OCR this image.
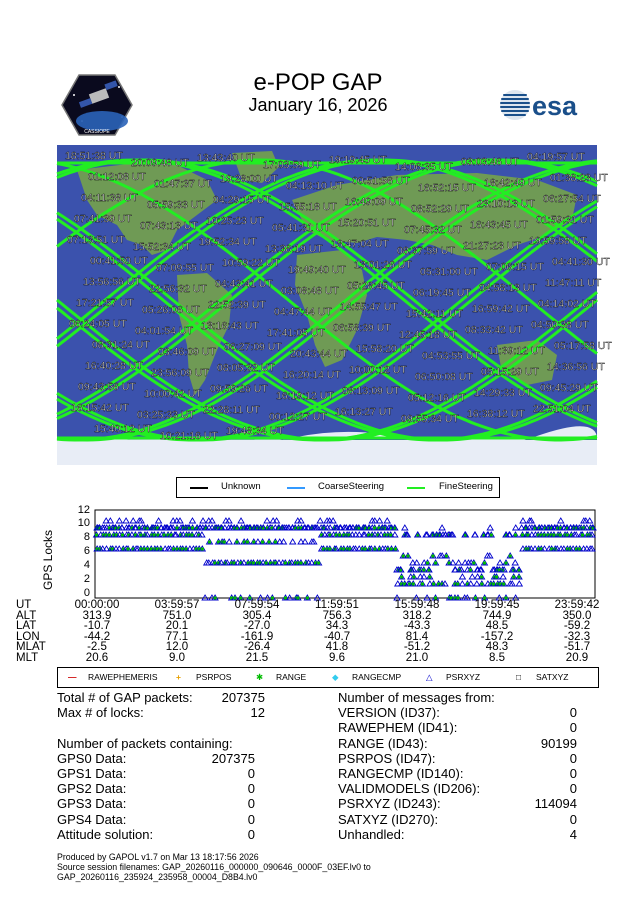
e-POP GAP
January 16, 2026
CASSIOPE
esa
18:51:38 UT
20:09:48 UT 13:43:40 UT
17:03:59 UT 19:19:45 UT
14:06:35 UT 03:03:46 UT 04:19:57 UT
01:12:08 UT
01:47:37 UT 19:28:00 UT
04:13:10 UT 00:51:56 UT
16:52:15 UT 18:42:49 UT 01:38:23 UT
04:11:38 UT
05:59:33 UT 04:29:15 UT
15:55:18 UT 16:49:09 UT
08:52:29 UT 23:10:13 UT 06:27:54 UT
07:41:39 UT
07:43:13 UT 10:25:23 UT
05:41:31 UT 15:20:51 UT
07:45:32 UT 16:43:45 UT 01:59:31 UT
07:13:51 UT
15:52:34 UT 19:52:34 UT
13:38:19 UT 18:47:04 UT
08:37:59 UT 21:27:23 UT 19:59:58 UT
00:41:50 UT
07:09:55 UT 10:59:22 UT
19:49:40 UT 13:01:26 UT
05:31:00 UT 07:06:15 UT 04:41:30 UT
13:56:56 UT
22:56:32 UT 04:43:41 UT
03:08:48 UT 05:28:45 UT
06:19:45 UT 04:58:13 UT 11:47:11 UT
17:21:57 UT
05:26:06 UT 22:52:39 UT
04:47:44 UT 14:55:47 UT
15:42:11 UT 16:59:42 UT 04:14:02 UT
06:24:05 UT
04:01:54 UT 13:16:43 UT
17:41:05 UT 06:58:39 UT
12:45:18 UT 08:33:42 UT 04:50:38 UT
08:31:24 UT
03:46:09 UT 06:27:09 UT
20:43:44 UT 15:58:20 UT
04:53:55 UT 11:39:12 UT 05:17:58 UT
16:40:28 UT
23:56:09 UT 08:05:32 UT
16:20:14 UT 10:00:12 UT
06:50:08 UT 05:15:29 UT 14:36:56 UT
09:43:56 UT
10:00:42 UT 09:59:26 UT
16:19:12 UT 08:13:09 UT
05:12:16 UT 14:29:33 UT 09:45:29 UT
16:15:42 UT
03:25:33 UT 22:28:11 UT
00:12:27 UT 16:13:27 UT
09:55:34 UT 16:38:12 UT 22:51:04 UT
15:40:12 UT
10:21:16 UT 19:48:34 UT
Unknown	CoarseSteering	FineSteering
GPS Locks
12
10
8
6
4
2
0
UT	00:00:00	03:59:57	07:59:54	11:59:51	15:59:48	19:59:45	23:59:42
ALT	313.9	751.0	305.4	756.3	318.2	744.9	350.0
LAT	-10.7	20.1	-27.0	34.3	-43.3	48.5	-59.2
LON	-44.2	77.1	-161.9	-40.7	81.4	-157.2	-32.3
MLAT	-2.5	12.0	-26.4	41.8	-51.2	48.3	-51.7
MLT	20.6	9.0	21.5	9.6	21.0	8.5	20.9
— RAWEPHEMERIS + PSRPOS	✱ RANGE	◆ RANGECMP	△ PSRXYZ	□ SATXYZ
Total # of GAP packets:	207375
Max # of locks:	12
Number of packets containing:
GPS0 Data:	207375
GPS1 Data:	0
GPS2 Data:	0
GPS3 Data:	0
GPS4 Data:	0
Attitude solution:	0
Number of messages from:
VERSION (ID37):	0
RAWEPHEM (ID41):	0
RANGE (ID43):	90199
PSRPOS (ID47):	0
RANGECMP (ID140):	0
VALIDMODELS (ID206):	0
PSRXYZ (ID243):	114094
SATXYZ (ID270):	0
Unhandled:	4
Produced by GAPOL v1.7 on Mar 13 18:17:56 2026
Source session filenames: GAP_20260116_000000_090646_0000F_03EF.lv0 to
GAP_20260116_235924_235958_00004_D8B4.lv0
